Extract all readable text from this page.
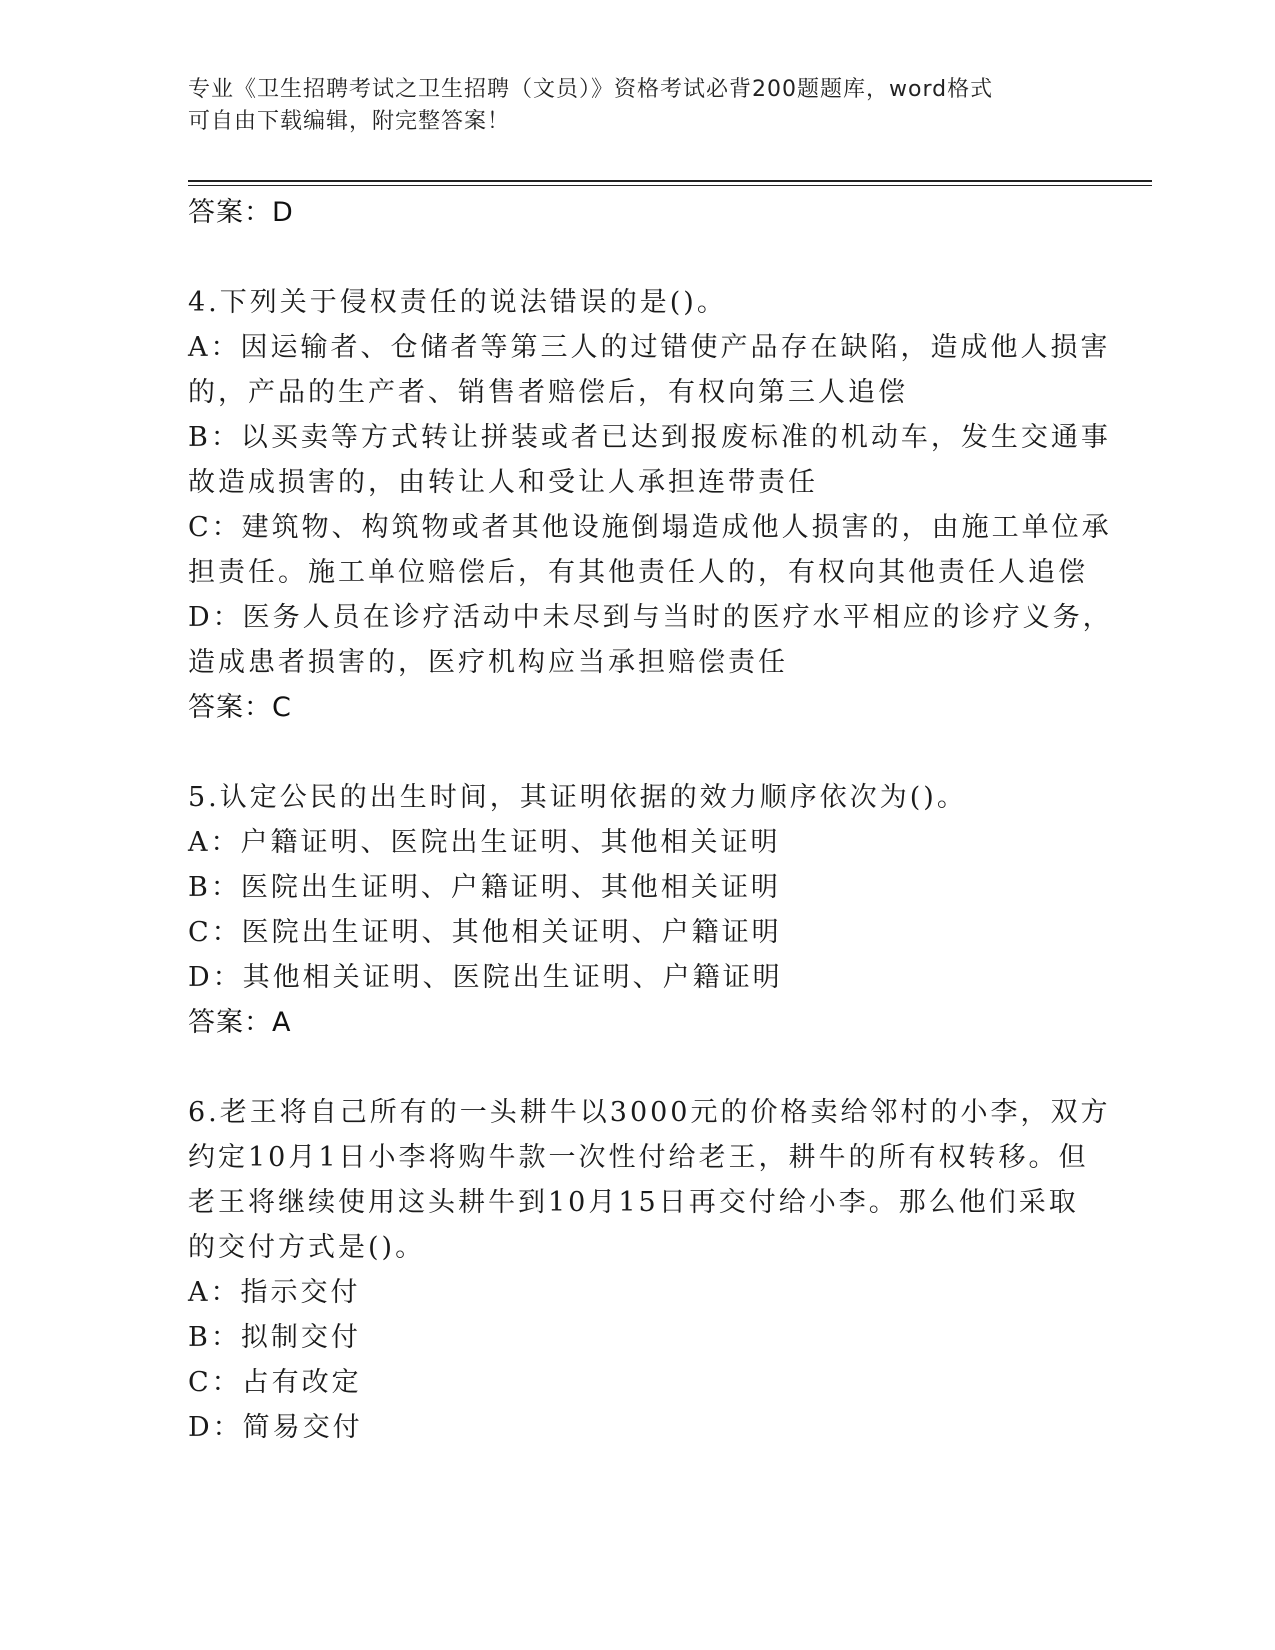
专业《卫生招聘考试之卫生招聘（文员）》资格考试必背200题题库，word格式
可自由下载编辑，附完整答案！
答案：D
4.下列关于侵权责任的说法错误的是()。
A：因运输者、仓储者等第三人的过错使产品存在缺陷，造成他人损害
的，产品的生产者、销售者赔偿后，有权向第三人追偿
B：以买卖等方式转让拼装或者已达到报废标准的机动车，发生交通事
故造成损害的，由转让人和受让人承担连带责任
C：建筑物、构筑物或者其他设施倒塌造成他人损害的，由施工单位承
担责任。施工单位赔偿后，有其他责任人的，有权向其他责任人追偿
D：医务人员在诊疗活动中未尽到与当时的医疗水平相应的诊疗义务，
造成患者损害的，医疗机构应当承担赔偿责任
答案：C
5.认定公民的出生时间，其证明依据的效力顺序依次为()。
A：户籍证明、医院出生证明、其他相关证明
B：医院出生证明、户籍证明、其他相关证明
C：医院出生证明、其他相关证明、户籍证明
D：其他相关证明、医院出生证明、户籍证明
答案：A
6.老王将自己所有的一头耕牛以3000元的价格卖给邻村的小李，双方
约定10月1日小李将购牛款一次性付给老王，耕牛的所有权转移。但
老王将继续使用这头耕牛到10月15日再交付给小李。那么他们采取
的交付方式是()。
A：指示交付
B：拟制交付
C：占有改定
D：简易交付
